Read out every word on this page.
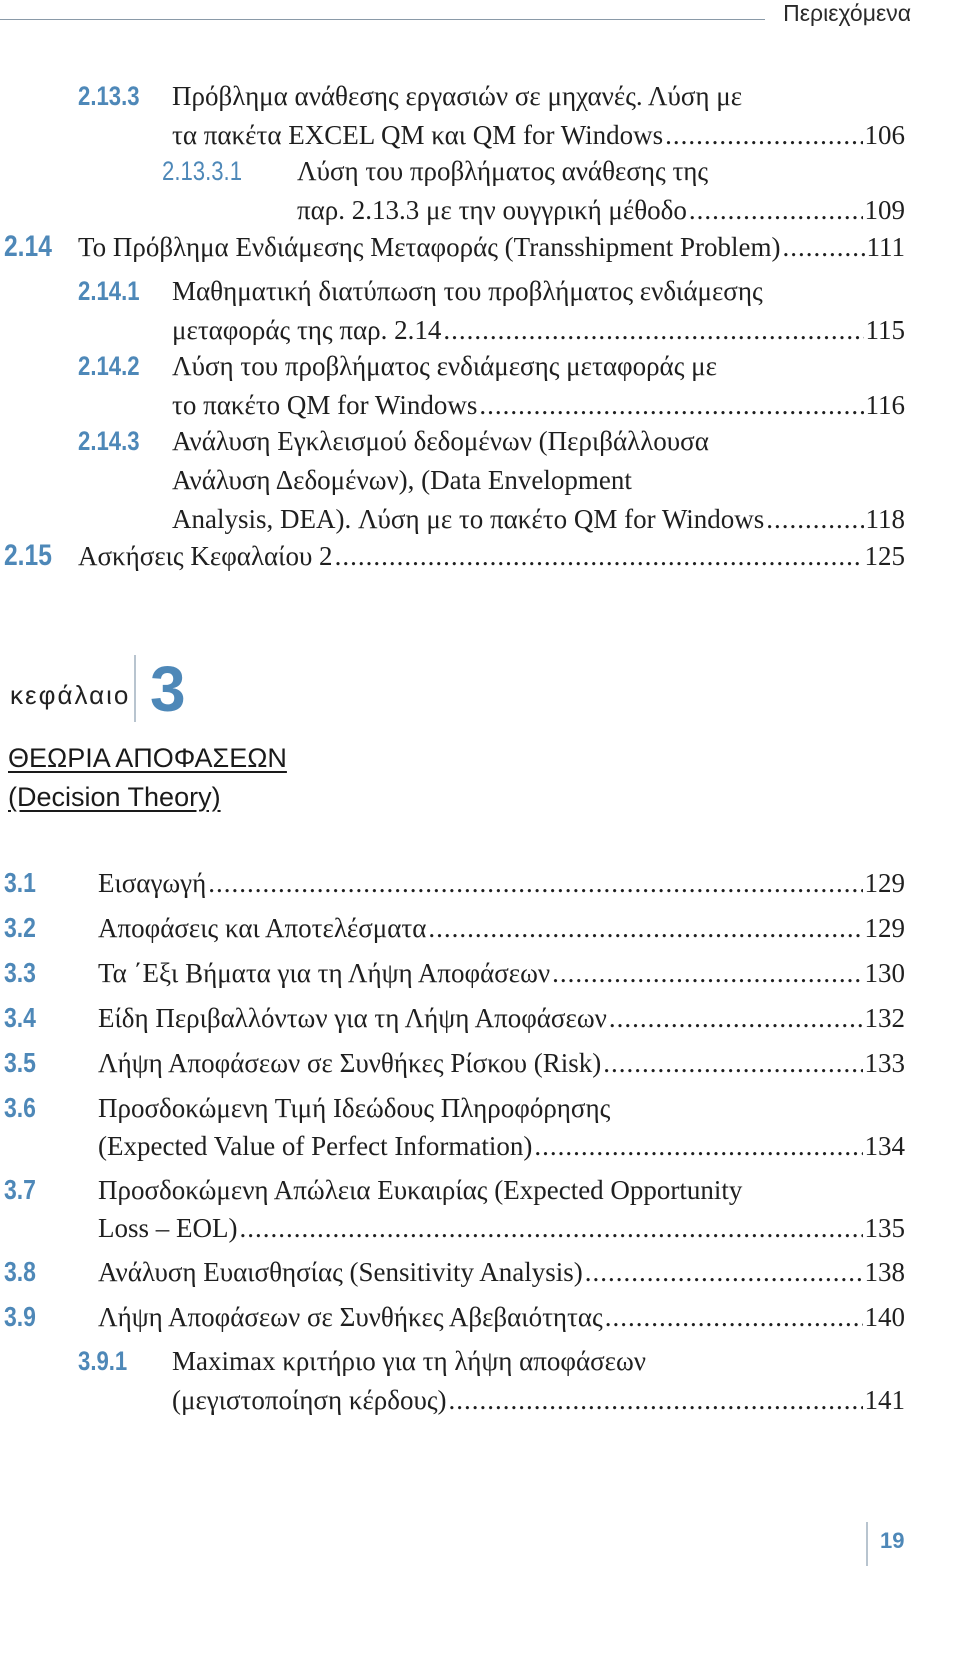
Περιεχόμενα
2.13.3	Πρόβλημα ανάθεσης εργασιών σε μηχανές. Λύση με
τα πακέτα EXCEL QM και QM for Windows .....	106
2.13.3.1	Λύση του προβλήματος ανάθεσης της
παρ. 2.13.3 με την ουγγρική μέθοδο .....	109
2.14 Το Πρόβλημα Ενδιάμεσης Μεταφοράς (Transshipment Problem) .....	111
2.14.1	Μαθηματική διατύπωση του προβλήματος ενδιάμεσης
μεταφοράς της παρ. 2.14 .....	115
2.14.2	Λύση του προβλήματος ενδιάμεσης μεταφοράς με
το πακέτο QM for Windows .....	116
2.14.3	Ανάλυση Εγκλεισμού δεδομένων (Περιβάλλουσα
Ανάλυση Δεδομένων), (Data Envelopment
Analysis, DEA). Λύση με το πακέτο QM for Windows .....	118
2.15 Ασκήσεις Κεφαλαίου 2 .....	125
κεφάλαιο 3
ΘΕΩΡΙΑ ΑΠΟΦΑΣΕΩΝ
(Decision Theory)
3.1	Εισαγωγή .....	129
3.2	Αποφάσεις και Αποτελέσματα .....	129
3.3	Τα ΄Εξι Βήματα για τη Λήψη Αποφάσεων .....	130
3.4	Είδη Περιβαλλόντων για τη Λήψη Αποφάσεων .....	132
3.5	Λήψη Αποφάσεων σε Συνθήκες Ρίσκου (Risk) .....	133
3.6	Προσδοκώμενη Τιμή Ιδεώδους Πληροφόρησης
(Expected Value of Perfect Information) .....	134
3.7	Προσδοκώμενη Απώλεια Ευκαιρίας (Expected Opportunity
Loss – EOL) .....	135
3.8	Ανάλυση Ευαισθησίας (Sensitivity Analysis) .....	138
3.9	Λήψη Αποφάσεων σε Συνθήκες Αβεβαιότητας .....	140
3.9.1	Maximax κριτήριο για τη λήψη αποφάσεων
(μεγιστοποίηση κέρδους) .....	141
19
